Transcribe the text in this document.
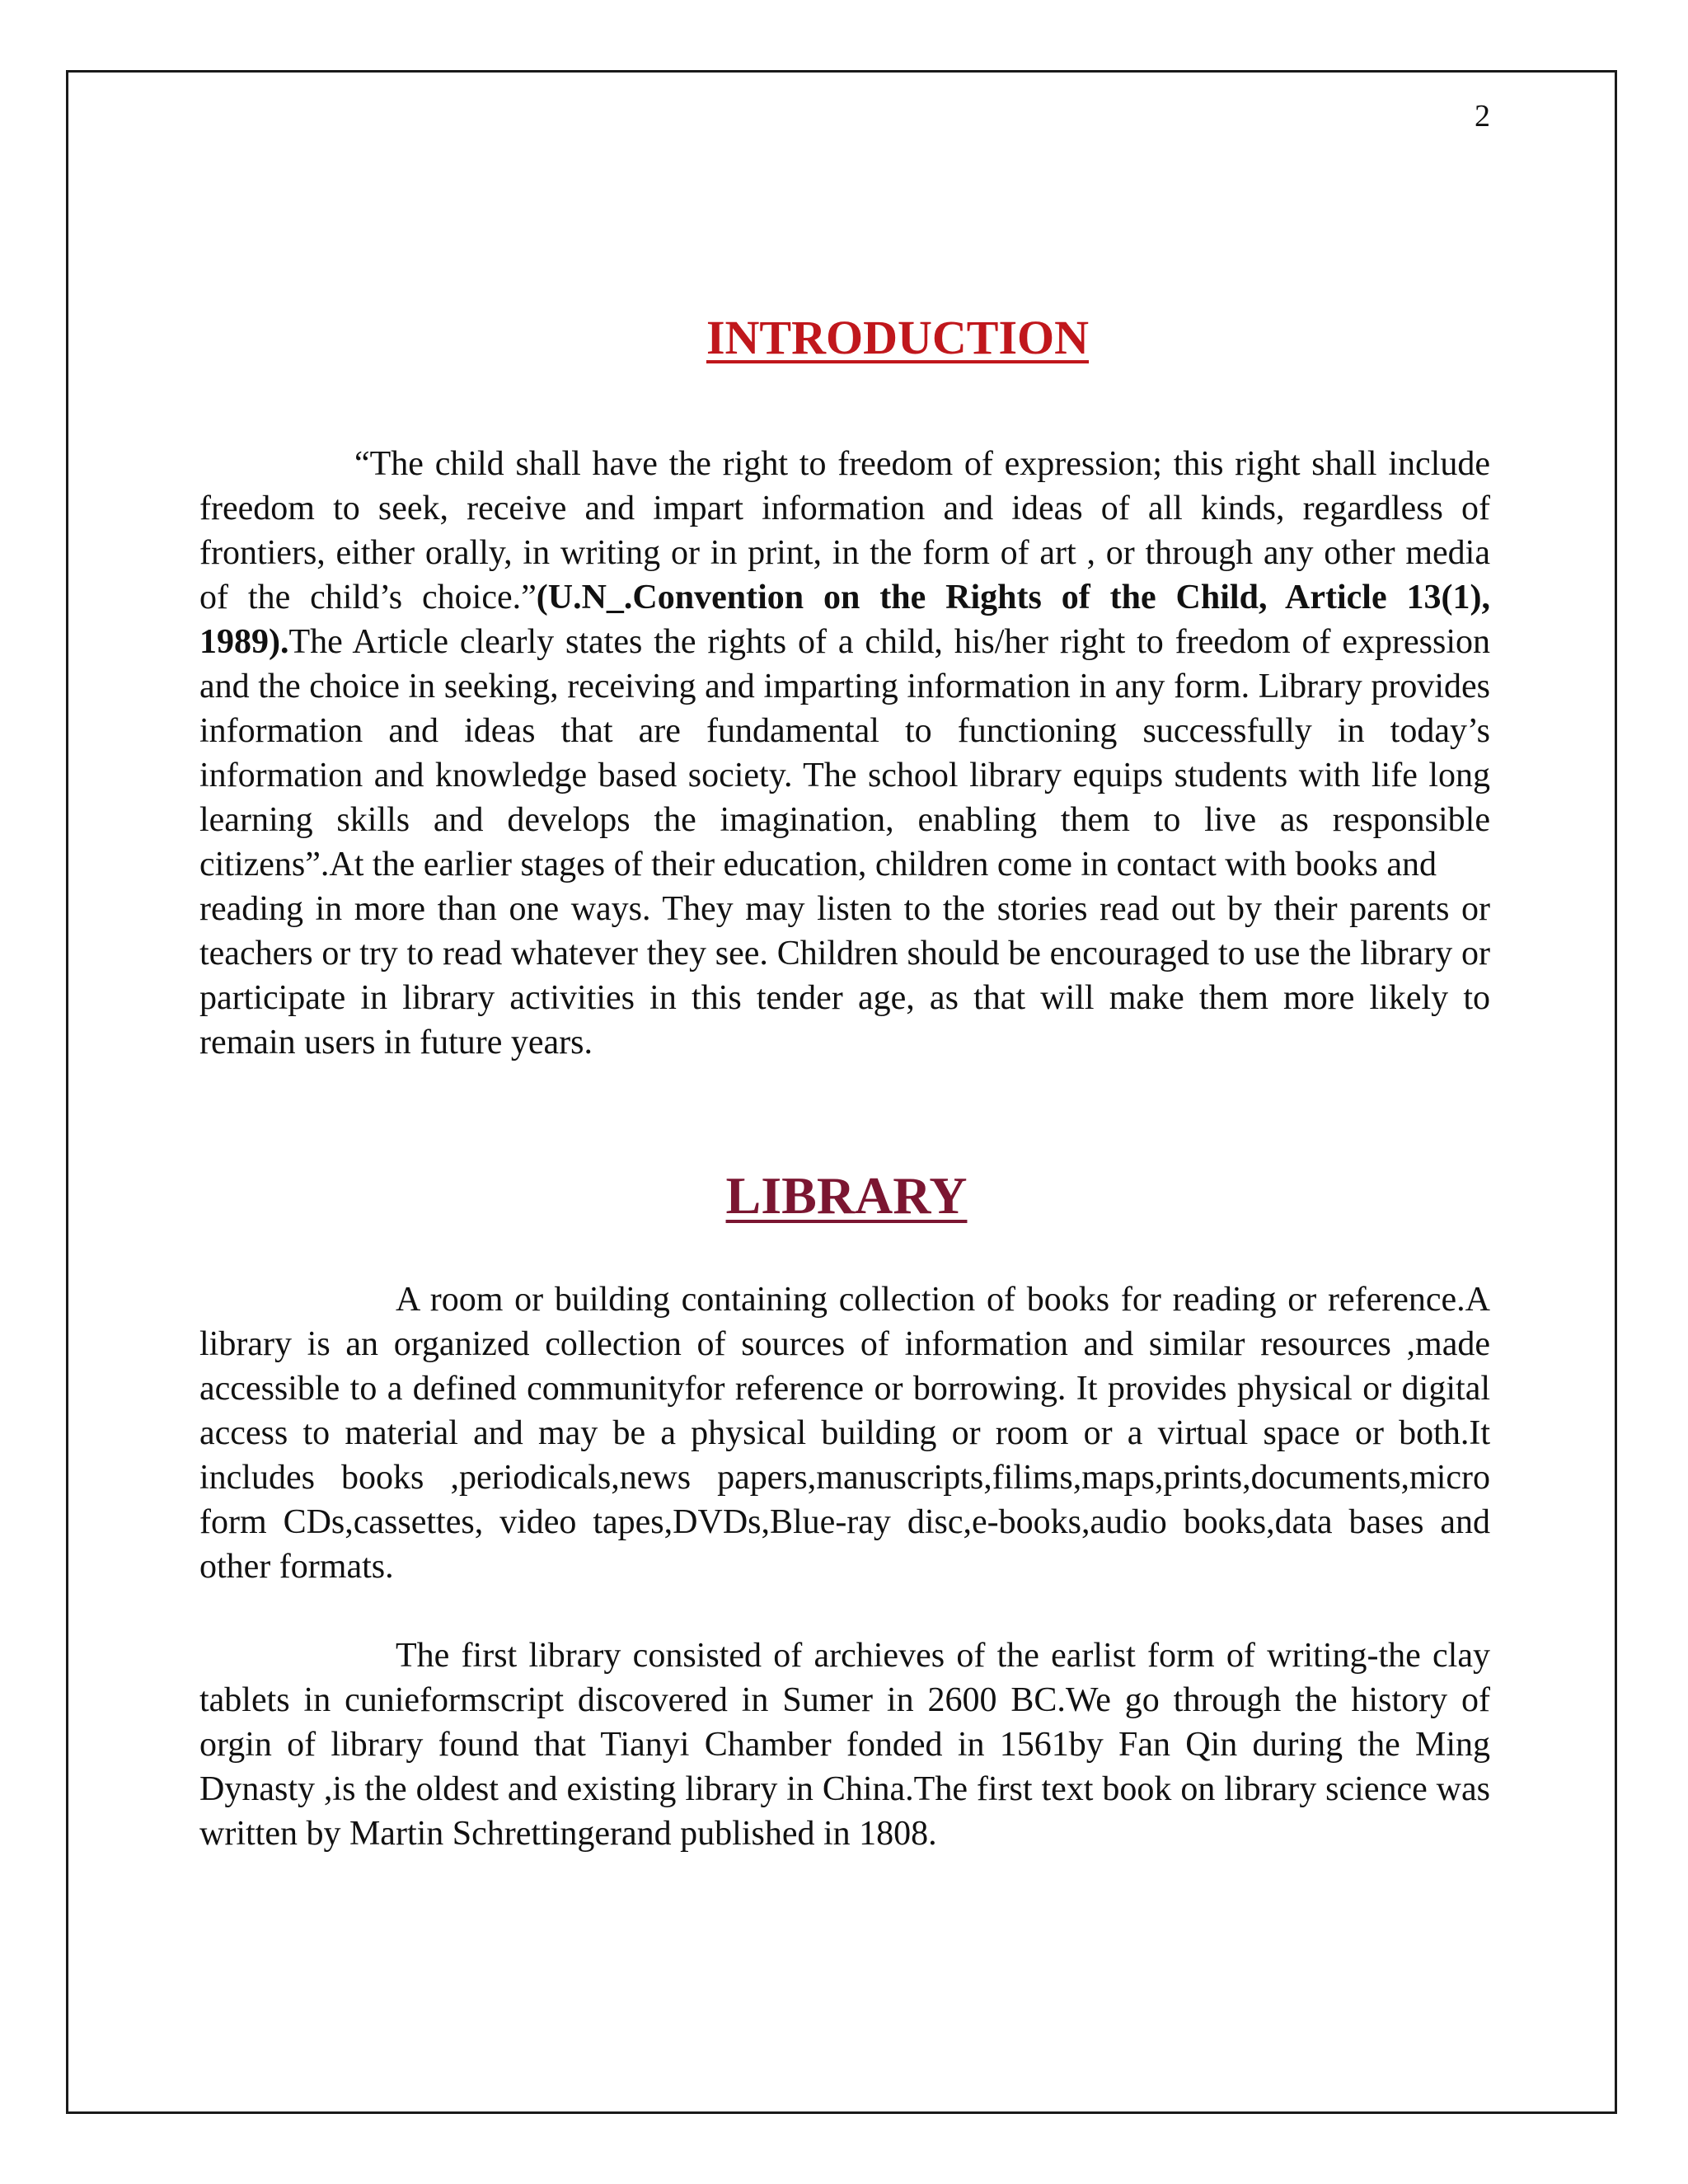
2
INTRODUCTION

“The child shall have the right to freedom of expression; this right shall include freedom to seek, receive and impart information and ideas of all kinds, regardless of frontiers, either orally, in writing or in print, in the form of art , or through any other media of the child’s choice.”(U.N_.Convention on the Rights of the Child, Article 13(1), 1989).The Article clearly states the rights of a child, his/her right to freedom of expression and the choice in seeking, receiving and imparting information in any form. Library provides information and ideas that are fundamental to functioning successfully in today’s information and knowledge based society. The school library equips students with life long learning skills and develops the imagination, enabling them to live as responsible citizens”.At the earlier stages of their education, children come in contact with books and

reading in more than one ways. They may listen to the stories read out by their parents or teachers or try to read whatever they see. Children should be encouraged to use the library or participate in library activities in this tender age, as that will make them more likely to remain users in future years.

LIBRARY

A room or building containing collection of books for reading or reference.A library is an organized collection of sources of information and similar resources ,made accessible to a defined communityfor reference or borrowing. It provides physical or digital access to material and may be a physical building or room or a virtual space or both.It includes books ,periodicals,news papers,manuscripts,filims,maps,prints,documents,micro form CDs,cassettes, video tapes,DVDs,Blue-ray disc,e-books,audio books,data bases and other formats.

The first library consisted of archieves of the earlist form of writing-the clay tablets in cunieformscript discovered in Sumer in 2600 BC.We go through the history of orgin of library found that Tianyi Chamber fonded in 1561by Fan Qin during the Ming Dynasty ,is the oldest and existing library in China.The first text book on library science was written by Martin Schrettingerand published in 1808.
